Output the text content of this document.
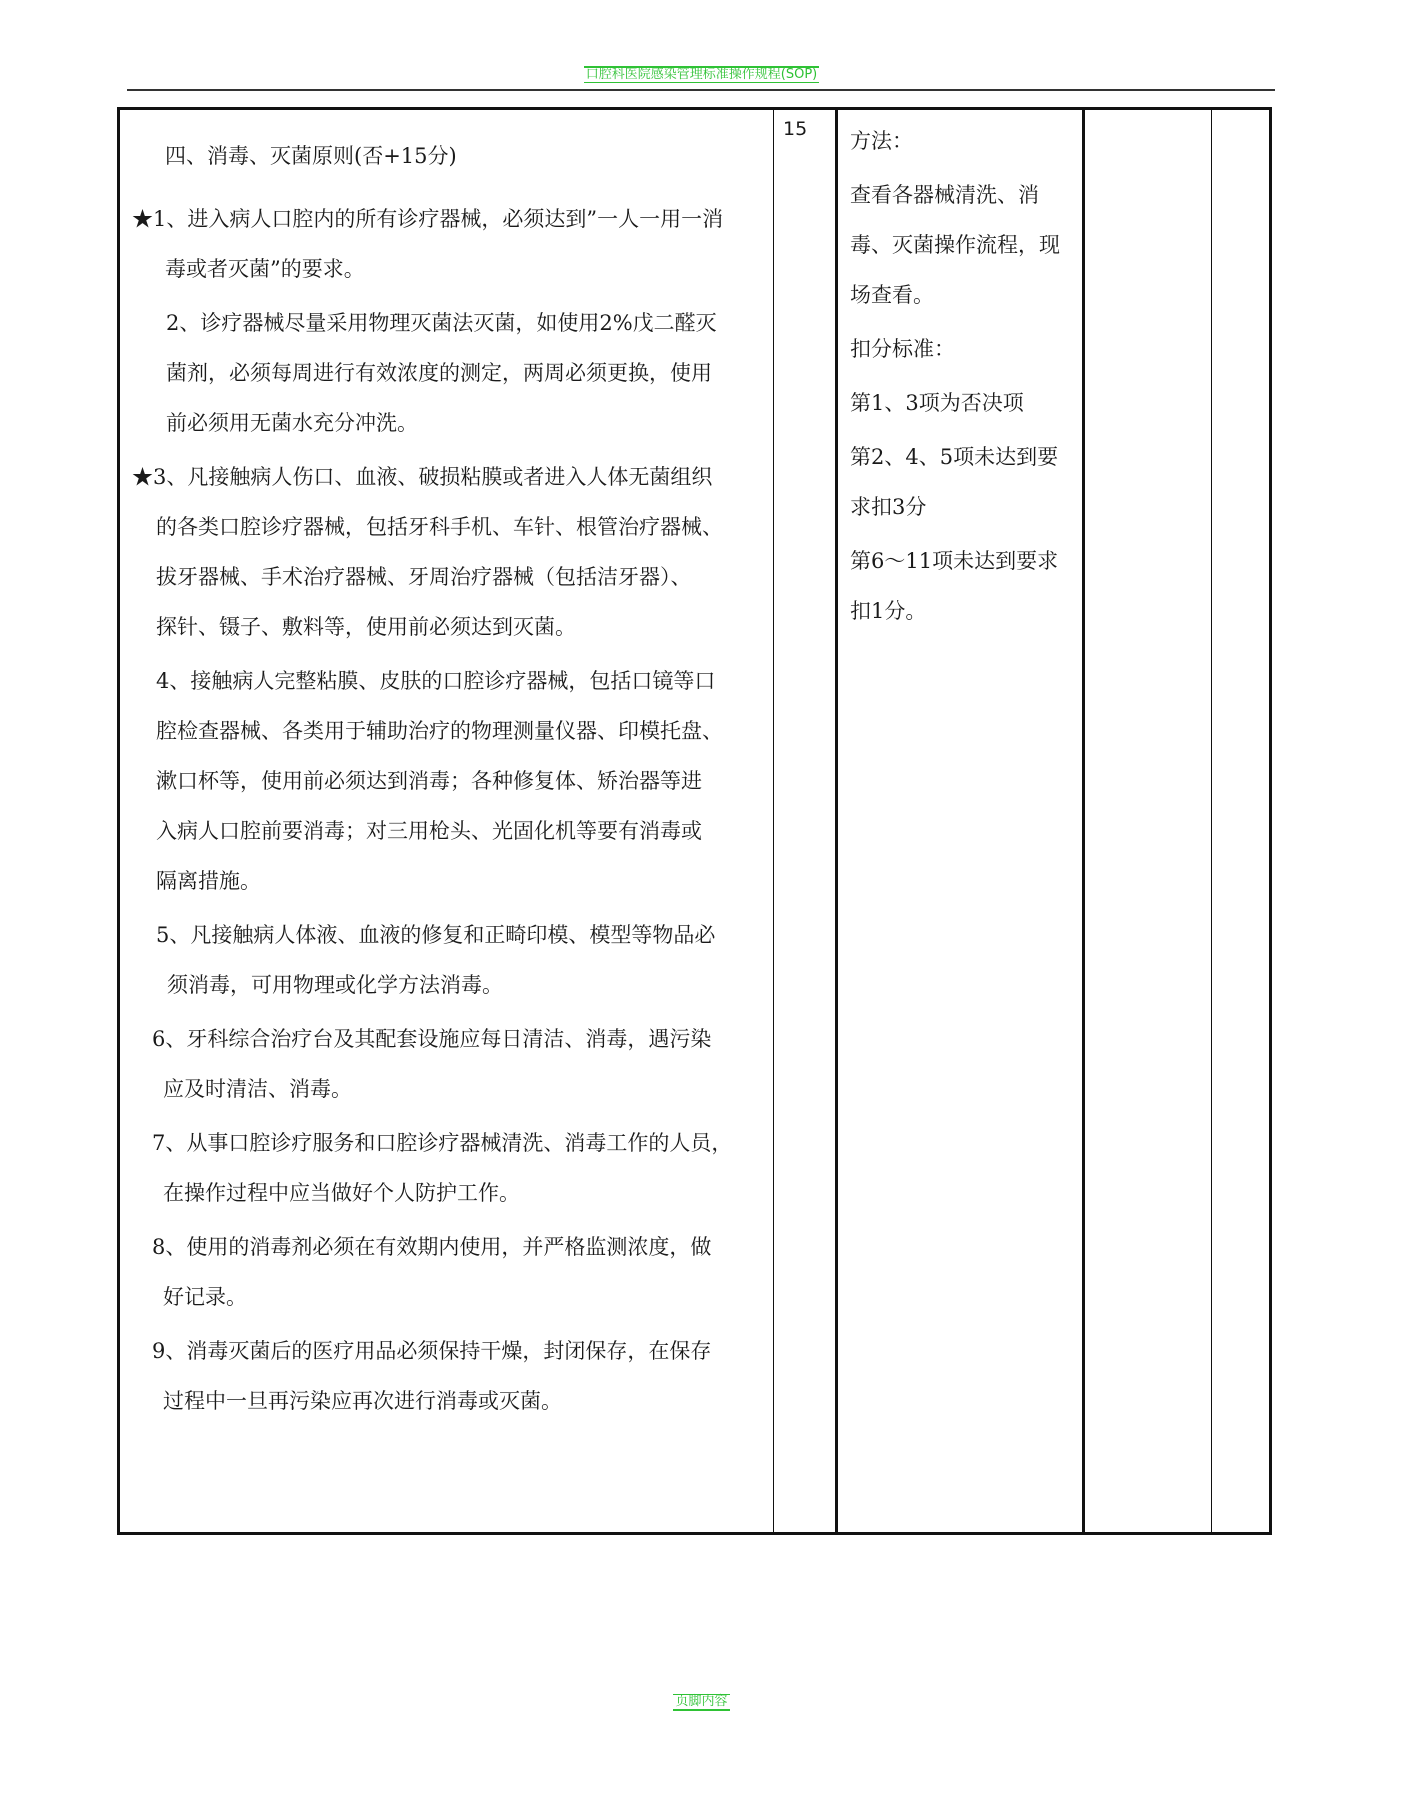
口腔科医院感染管理标准操作规程(SOP)
四、消毒、灭菌原则(否+15分)
★1、进入病人口腔内的所有诊疗器械，必须达到”一人一用一消
毒或者灭菌”的要求。
2、诊疗器械尽量采用物理灭菌法灭菌，如使用2%戊二醛灭
菌剂，必须每周进行有效浓度的测定，两周必须更换，使用
前必须用无菌水充分冲洗。
★3、凡接触病人伤口、血液、破损粘膜或者进入人体无菌组织
的各类口腔诊疗器械，包括牙科手机、车针、根管治疗器械、
拔牙器械、手术治疗器械、牙周治疗器械（包括洁牙器）、
探针、镊子、敷料等，使用前必须达到灭菌。
4、接触病人完整粘膜、皮肤的口腔诊疗器械，包括口镜等口
腔检查器械、各类用于辅助治疗的物理测量仪器、印模托盘、
漱口杯等，使用前必须达到消毒；各种修复体、矫治器等进
入病人口腔前要消毒；对三用枪头、光固化机等要有消毒或
隔离措施。
5、凡接触病人体液、血液的修复和正畸印模、模型等物品必
须消毒，可用物理或化学方法消毒。
6、牙科综合治疗台及其配套设施应每日清洁、消毒，遇污染
应及时清洁、消毒。
7、从事口腔诊疗服务和口腔诊疗器械清洗、消毒工作的人员，
在操作过程中应当做好个人防护工作。
8、使用的消毒剂必须在有效期内使用，并严格监测浓度，做
好记录。
9、消毒灭菌后的医疗用品必须保持干燥，封闭保存，在保存
过程中一旦再污染应再次进行消毒或灭菌。
15	方法：
查看各器械清洗、消
毒、灭菌操作流程，现
场查看。
扣分标准：
第1、3项为否决项
第2、4、5项未达到要
求扣3分
第6～11项未达到要求
扣1分。
页脚内容
